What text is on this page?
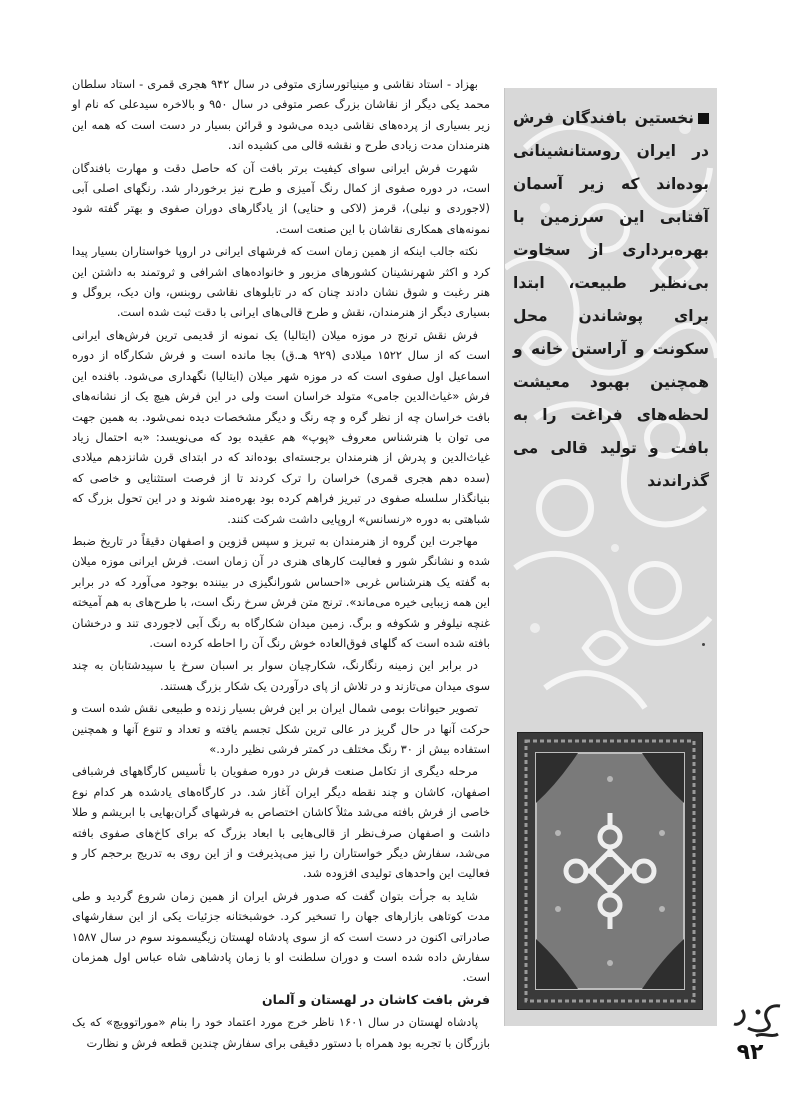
بهزاد - استاد نقاشی و مینیاتورسازی متوفی در سال ۹۴۲ هجری قمری - استاد سلطان محمد یکی دیگر از نقاشان بزرگ عصر متوفی در سال ۹۵۰ و بالاخره سیدعلی که نام او زیر بسیاری از پرده‌های نقاشی دیده می‌شود و قرائن بسیار در دست است که همه این هنرمندان مدت زیادی طرح و نقشه قالی می کشیده اند.

شهرت فرش ایرانی سوای کیفیت برتر بافت آن که حاصل دقت و مهارت بافندگان است، در دوره صفوی از کمال رنگ آمیزی و طرح نیز برخوردار شد. رنگهای اصلی آبی (لاجوردی و نیلی)، قرمز (لاکی و حنایی) از یادگارهای دوران صفوی و بهتر گفته شود نمونه‌های همکاری نقاشان با این صنعت است.

نکته جالب اینکه از همین زمان است که فرشهای ایرانی در اروپا خواستاران بسیار پیدا کرد و اکثر شهرنشینان کشورهای مزبور و خانواده‌های اشرافی و ثروتمند به داشتن این هنر رغبت و شوق نشان دادند چنان که در تابلوهای نقاشی روبنس، وان دیک، بروگل و بسیاری دیگر از هنرمندان، نقش و طرح قالی‌های ایرانی با دقت ثبت شده است.

فرش نقش ترنج در موزه میلان (ایتالیا) یک نمونه از قدیمی ترین فرش‌های ایرانی است که از سال ۱۵۲۲ میلادی (۹۲۹ هـ.ق) بجا مانده است و فرش شکارگاه از دوره اسماعیل اول صفوی است که در موزه شهر میلان (ایتالیا) نگهداری می‌شود. بافنده این فرش «غیاث‌الدین جامی» متولد خراسان است ولی در این فرش هیچ یک از نشانه‌های بافت خراسان چه از نظر گره و چه رنگ و دیگر مشخصات دیده نمی‌شود. به همین جهت می توان با هنرشناس معروف «پوپ» هم عقیده بود که می‌نویسد: «به احتمال زیاد غیاث‌الدین و پدرش از هنرمندان برجسته‌ای بوده‌اند که در ابتدای قرن شانزدهم میلادی (سده دهم هجری قمری) خراسان را ترک کردند تا از فرصت استثنایی و خاصی که بنیانگذار سلسله صفوی در تبریز فراهم کرده بود بهره‌مند شوند و در این تحول بزرگ که شباهتی به دوره «رنسانس» اروپایی داشت شرکت کنند.

مهاجرت این گروه از هنرمندان به تبریز و سپس قزوین و اصفهان دقیقاً در تاریخ ضبط شده و نشانگر شور و فعالیت کارهای هنری در آن زمان است. فرش ایرانی موزه میلان به گفته یک هنرشناس غربی «احساس شورانگیزی در بیننده بوجود می‌آورد که در برابر این همه زیبایی خیره می‌ماند». ترنج متن فرش سرخ رنگ است، با طرح‌های به هم آمیخته غنچه نیلوفر و شکوفه و برگ. زمین میدان شکارگاه به رنگ آبی لاجوردی تند و درخشان بافته شده است که گلهای فوق‌العاده خوش رنگ آن را احاطه کرده است.

در برابر این زمینه رنگارنگ، شکارچیان سوار بر اسبان سرخ یا سپیدشتابان به چند سوی میدان می‌تازند و در تلاش از پای درآوردن یک شکار بزرگ هستند.

تصویر حیوانات بومی شمال ایران بر این فرش بسیار زنده و طبیعی نقش شده است و حرکت آنها در حال گریز در عالی ترین شکل تجسم یافته و تعداد و تنوع آنها و همچنین استفاده بیش از ۳۰ رنگ مختلف در کمتر فرشی نظیر دارد.»

مرحله دیگری از تکامل صنعت فرش در دوره صفویان با تأسیس کارگاههای فرشبافی اصفهان، کاشان و چند نقطه دیگر ایران آغاز شد. در کارگاه‌های یادشده هر کدام نوع خاصی از فرش بافته می‌شد مثلاً کاشان اختصاص به فرشهای گران‌بهایی با ابریشم و طلا داشت و اصفهان صرف‌نظر از قالی‌هایی با ابعاد بزرگ که برای کاخ‌های صفوی بافته می‌شد، سفارش دیگر خواستاران را نیز می‌پذیرفت و از این روی به تدریج برحجم کار و فعالیت این واحدهای تولیدی افزوده شد.

شاید به جرأت بتوان گفت که صدور فرش ایران از همین زمان شروع گردید و طی مدت کوتاهی بازارهای جهان را تسخیر کرد. خوشبختانه جزئیات یکی از این سفارشهای صادراتی اکنون در دست است که از سوی پادشاه لهستان زیگیسموند سوم در سال ۱۵۸۷ سفارش داده شده است و دوران سلطنت او با زمان پادشاهی شاه عباس اول همزمان است.

فرش بافت کاشان در لهستان و آلمان

پادشاه لهستان در سال ۱۶۰۱ ناظر خرج مورد اعتماد خود را بنام «موراتوویچ» که یک بازرگان با تجربه بود همراه با دستور دقیقی برای سفارش چندین قطعه فرش و نظارت

نخستین بافندگان فرش در ایران روستانشینانی بوده‌اند که زیر آسمان آفتابی این سرزمین با بهره‌برداری از سخاوت بی‌نظیر طبیعت، ابتدا برای پوشاندن محل سکونت و آراستن خانه و همچنین بهبود معیشت لحظه‌های فراغت را به بافت و تولید قالی می گذراندند
۹۲
